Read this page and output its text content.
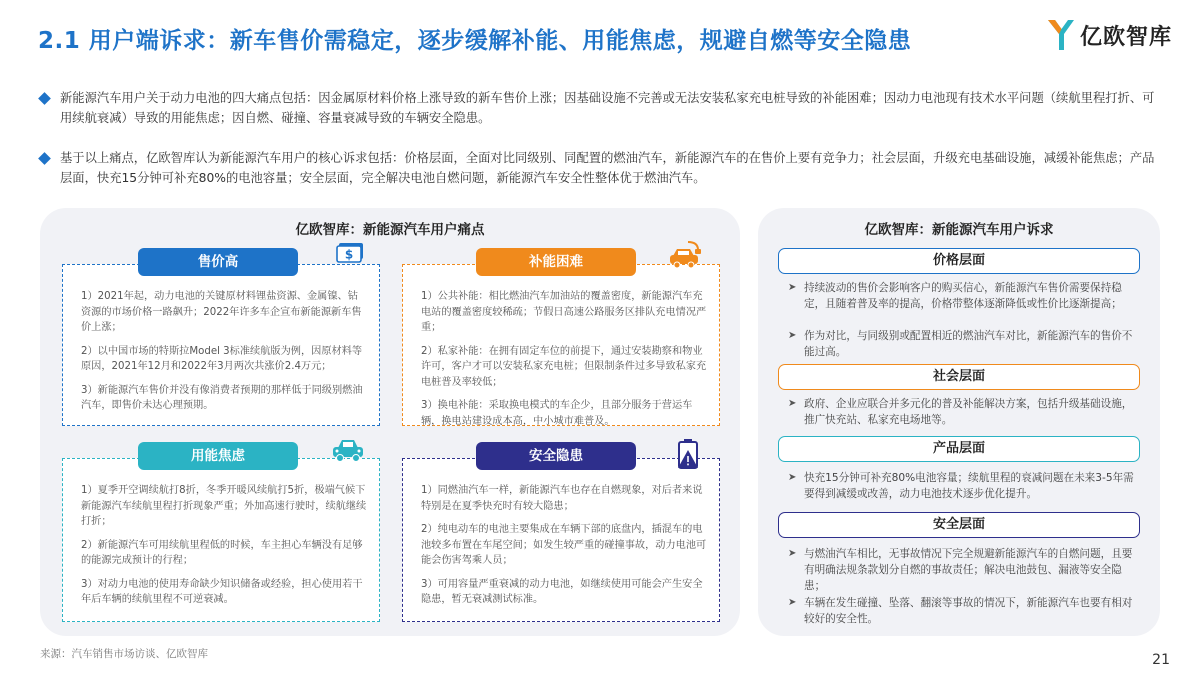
2.1 用户端诉求：新车售价需稳定，逐步缓解补能、用能焦虑，规避自燃等安全隐患	亿欧智库
新能源汽车用户关于动力电池的四大痛点包括：因金属原材料价格上涨导致的新车售价上涨；因基础设施不完善或无法安装私家充电桩导致的补能困难；因动力电池现有技术水平问题（续航里程打折、可用续航衰减）导致的用能焦虑；因自燃、碰撞、容量衰减导致的车辆安全隐患。
基于以上痛点，亿欧智库认为新能源汽车用户的核心诉求包括：价格层面，全面对比同级别、同配置的燃油汽车，新能源汽车的在售价上要有竞争力；社会层面，升级充电基础设施，减缓补能焦虑；产品层面，快充15分钟可补充80%的电池容量；安全层面，完全解决电池自燃问题，新能源汽车安全性整体优于燃油汽车。
亿欧智库：新能源汽车用户痛点

1）2021年起，动力电池的关键原材料锂盐资源、金属镍、钴资源的市场价格一路飙升；2022年许多车企宣布新能源新车售价上涨；

2）以中国市场的特斯拉Model 3标准续航版为例，因原材料等原因，2021年12月和2022年3月两次共涨价2.4万元；

3）新能源汽车售价并没有像消费者预期的那样低于同级别燃油汽车，即售价未达心理预期。

售价高	$

1）公共补能：相比燃油汽车加油站的覆盖密度，新能源汽车充电站的覆盖密度较稀疏；节假日高速公路服务区排队充电情况严重；

2）私家补能：在拥有固定车位的前提下，通过安装勘察和物业许可，客户才可以安装私家充电桩；但限制条件过多导致私家充电桩普及率较低；

3）换电补能：采取换电模式的车企少，且部分服务于营运车辆，换电站建设成本高，中小城市难普及。

补能困难

1）夏季开空调续航打8折，冬季开暖风续航打5折，极端气候下新能源汽车续航里程打折现象严重；外加高速行驶时，续航继续打折；

2）新能源汽车可用续航里程低的时候，车主担心车辆没有足够的能源完成预计的行程；

3）对动力电池的使用寿命缺少知识储备或经验，担心使用若干年后车辆的续航里程不可逆衰减。

用能焦虑

1）同燃油汽车一样，新能源汽车也存在自燃现象，对后者来说特别是在夏季快充时有较大隐患；

2）纯电动车的电池主要集成在车辆下部的底盘内，插混车的电池较多布置在车尾空间；如发生较严重的碰撞事故，动力电池可能会伤害驾乘人员；

3）可用容量严重衰减的动力电池，如继续使用可能会产生安全隐患，暂无衰减测试标准。

安全隐患
亿欧智库：新能源汽车用户诉求
价格层面
➤ 持续波动的售价会影响客户的购买信心，新能源汽车售价需要保持稳定，且随着普及率的提高，价格带整体逐渐降低或性价比逐渐提高；
➤ 作为对比，与同级别或配置相近的燃油汽车对比，新能源汽车的售价不能过高。
社会层面
➤ 政府、企业应联合并多元化的普及补能解决方案，包括升级基础设施，推广快充站、私家充电场地等。
产品层面
➤ 快充15分钟可补充80%电池容量；续航里程的衰减问题在未来3-5年需要得到减缓或改善，动力电池技术逐步优化提升。
安全层面
➤ 与燃油汽车相比，无事故情况下完全规避新能源汽车的自燃问题，且要有明确法规条款划分自燃的事故责任；解决电池鼓包、漏液等安全隐患；
➤ 车辆在发生碰撞、坠落、翻滚等事故的情况下，新能源汽车也要有相对较好的安全性。
来源：汽车销售市场访谈、亿欧智库	21
